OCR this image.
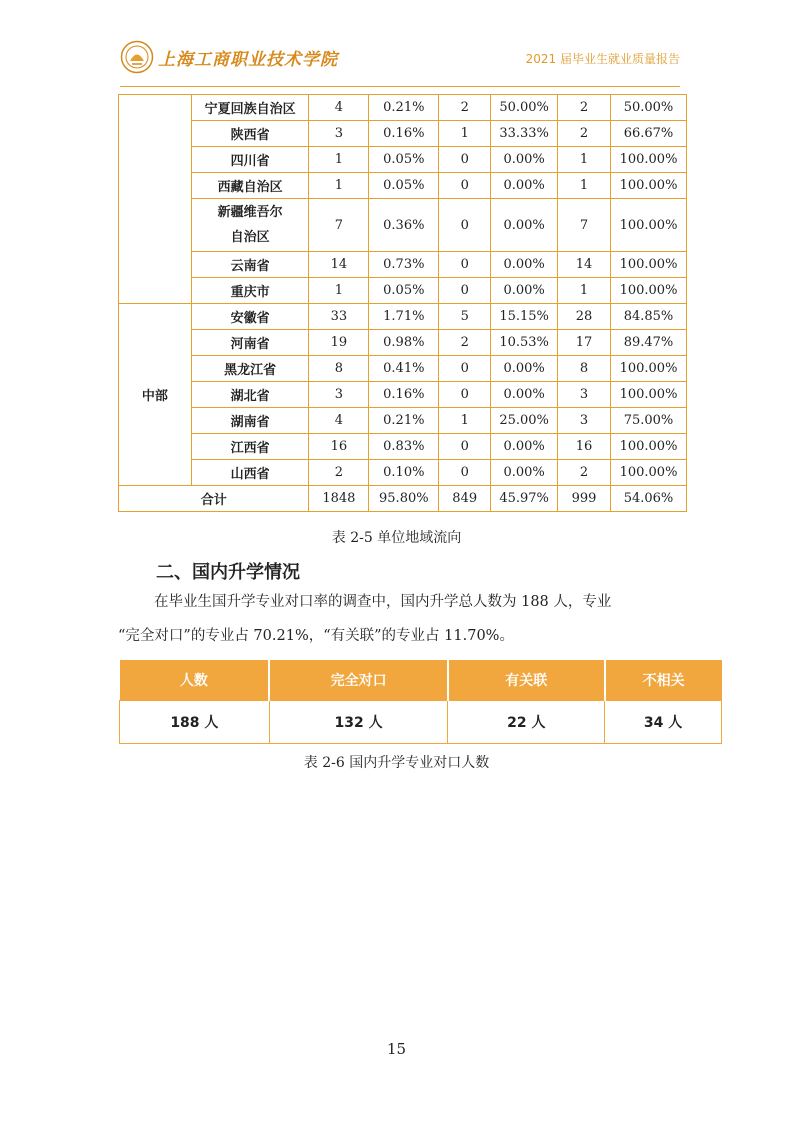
上海工商职业技术学院	2021 届毕业生就业质量报告
	宁夏回族自治区	4	0.21%	2	50.00%	2	50.00%
	陕西省	3	0.16%	1	33.33%	2	66.67%
	四川省	1	0.05%	0	0.00%	1	100.00%
	西藏自治区	1	0.05%	0	0.00%	1	100.00%

	新疆维吾尔
自治区	7	0.36%	0	0.00%	7	100.00%
	云南省	14	0.73%	0	0.00%	14	100.00%
	重庆市	1	0.05%	0	0.00%	1	100.00%
中部	安徽省	33	1.71%	5	15.15%	28	84.85%
	河南省	19	0.98%	2	10.53%	17	89.47%
	黑龙江省	8	0.41%	0	0.00%	8	100.00%
	湖北省	3	0.16%	0	0.00%	3	100.00%
	湖南省	4	0.21%	1	25.00%	3	75.00%
	江西省	16	0.83%	0	0.00%	16	100.00%
	山西省	2	0.10%	0	0.00%	2	100.00%
合计		1848	95.80%	849	45.97%	999	54.06%
表 2-5 单位地域流向
二、国内升学情况
在毕业生国升学专业对口率的调查中，国内升学总人数为 188 人，专业
“完全对口”的专业占 70.21%，“有关联”的专业占 11.70%。
人数	完全对口	有关联	不相关
188 人	132 人	22 人	34 人
表 2-6 国内升学专业对口人数
15
